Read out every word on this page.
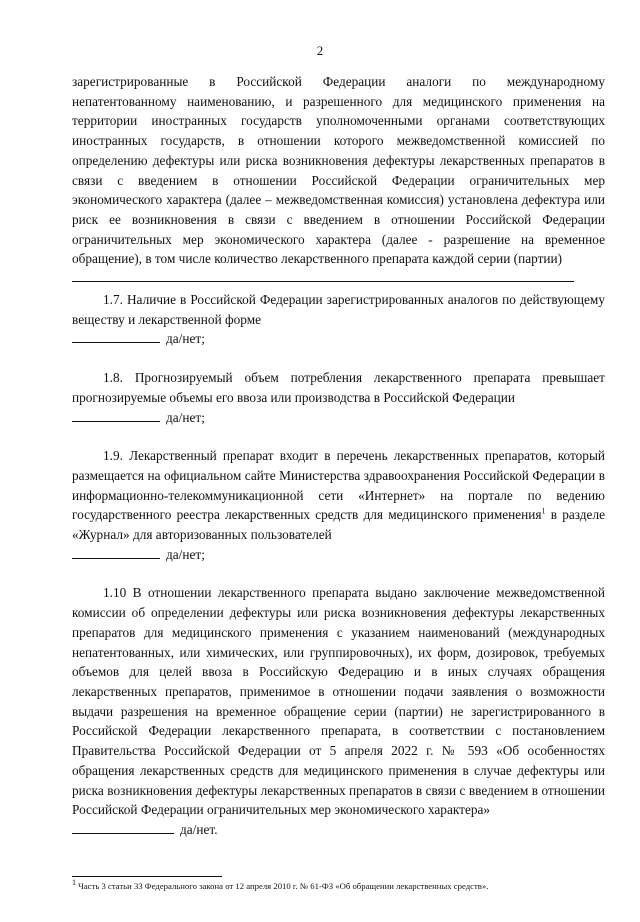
2

зарегистрированные в Российской Федерации аналоги по международному непатентованному наименованию, и разрешенного для медицинского применения на территории иностранных государств уполномоченными органами соответствующих иностранных государств, в отношении которого межведомственной комиссией по определению дефектуры или риска возникновения дефектуры лекарственных препаратов в связи с введением в отношении Российской Федерации ограничительных мер экономического характера (далее – межведомственная комиссия) установлена дефектура или риск ее возникновения в связи с введением в отношении Российской Федерации ограничительных мер экономического характера (далее - разрешение на временное обращение), в том числе количество лекарственного препарата каждой серии (партии)

1.7. Наличие в Российской Федерации зарегистрированных аналогов по действующему веществу и лекарственной форме

да/нет;

1.8. Прогнозируемый объем потребления лекарственного препарата превышает прогнозируемые объемы его ввоза или производства в Российской Федерации

да/нет;

1.9. Лекарственный препарат входит в перечень лекарственных препаратов, который размещается на официальном сайте Министерства здравоохранения Российской Федерации в информационно-телекоммуникационной сети «Интернет» на портале по ведению государственного реестра лекарственных средств для медицинского применения$^1$ в разделе «Журнал» для авторизованных пользователей

да/нет;

1.10 В отношении лекарственного препарата выдано заключение межведомственной комиссии об определении дефектуры или риска возникновения дефектуры лекарственных препаратов для медицинского применения с указанием наименований (международных непатентованных, или химических, или группировочных), их форм, дозировок, требуемых объемов для целей ввоза в Российскую Федерацию и в иных случаях обращения лекарственных препаратов, применимое в отношении подачи заявления о возможности выдачи разрешения на временное обращение серии (партии) не зарегистрированного в Российской Федерации лекарственного препарата, в соответствии с постановлением Правительства Российской Федерации от 5 апреля 2022 г. № 593 «Об особенностях обращения лекарственных средств для медицинского применения в случае дефектуры или риска возникновения дефектуры лекарственных препаратов в связи с введением в отношении Российской Федерации ограничительных мер экономического характера»

да/нет.

$^1$ Часть 3 статьи 33 Федерального закона от 12 апреля 2010 г. № 61-ФЗ «Об обращении лекарственных средств».
